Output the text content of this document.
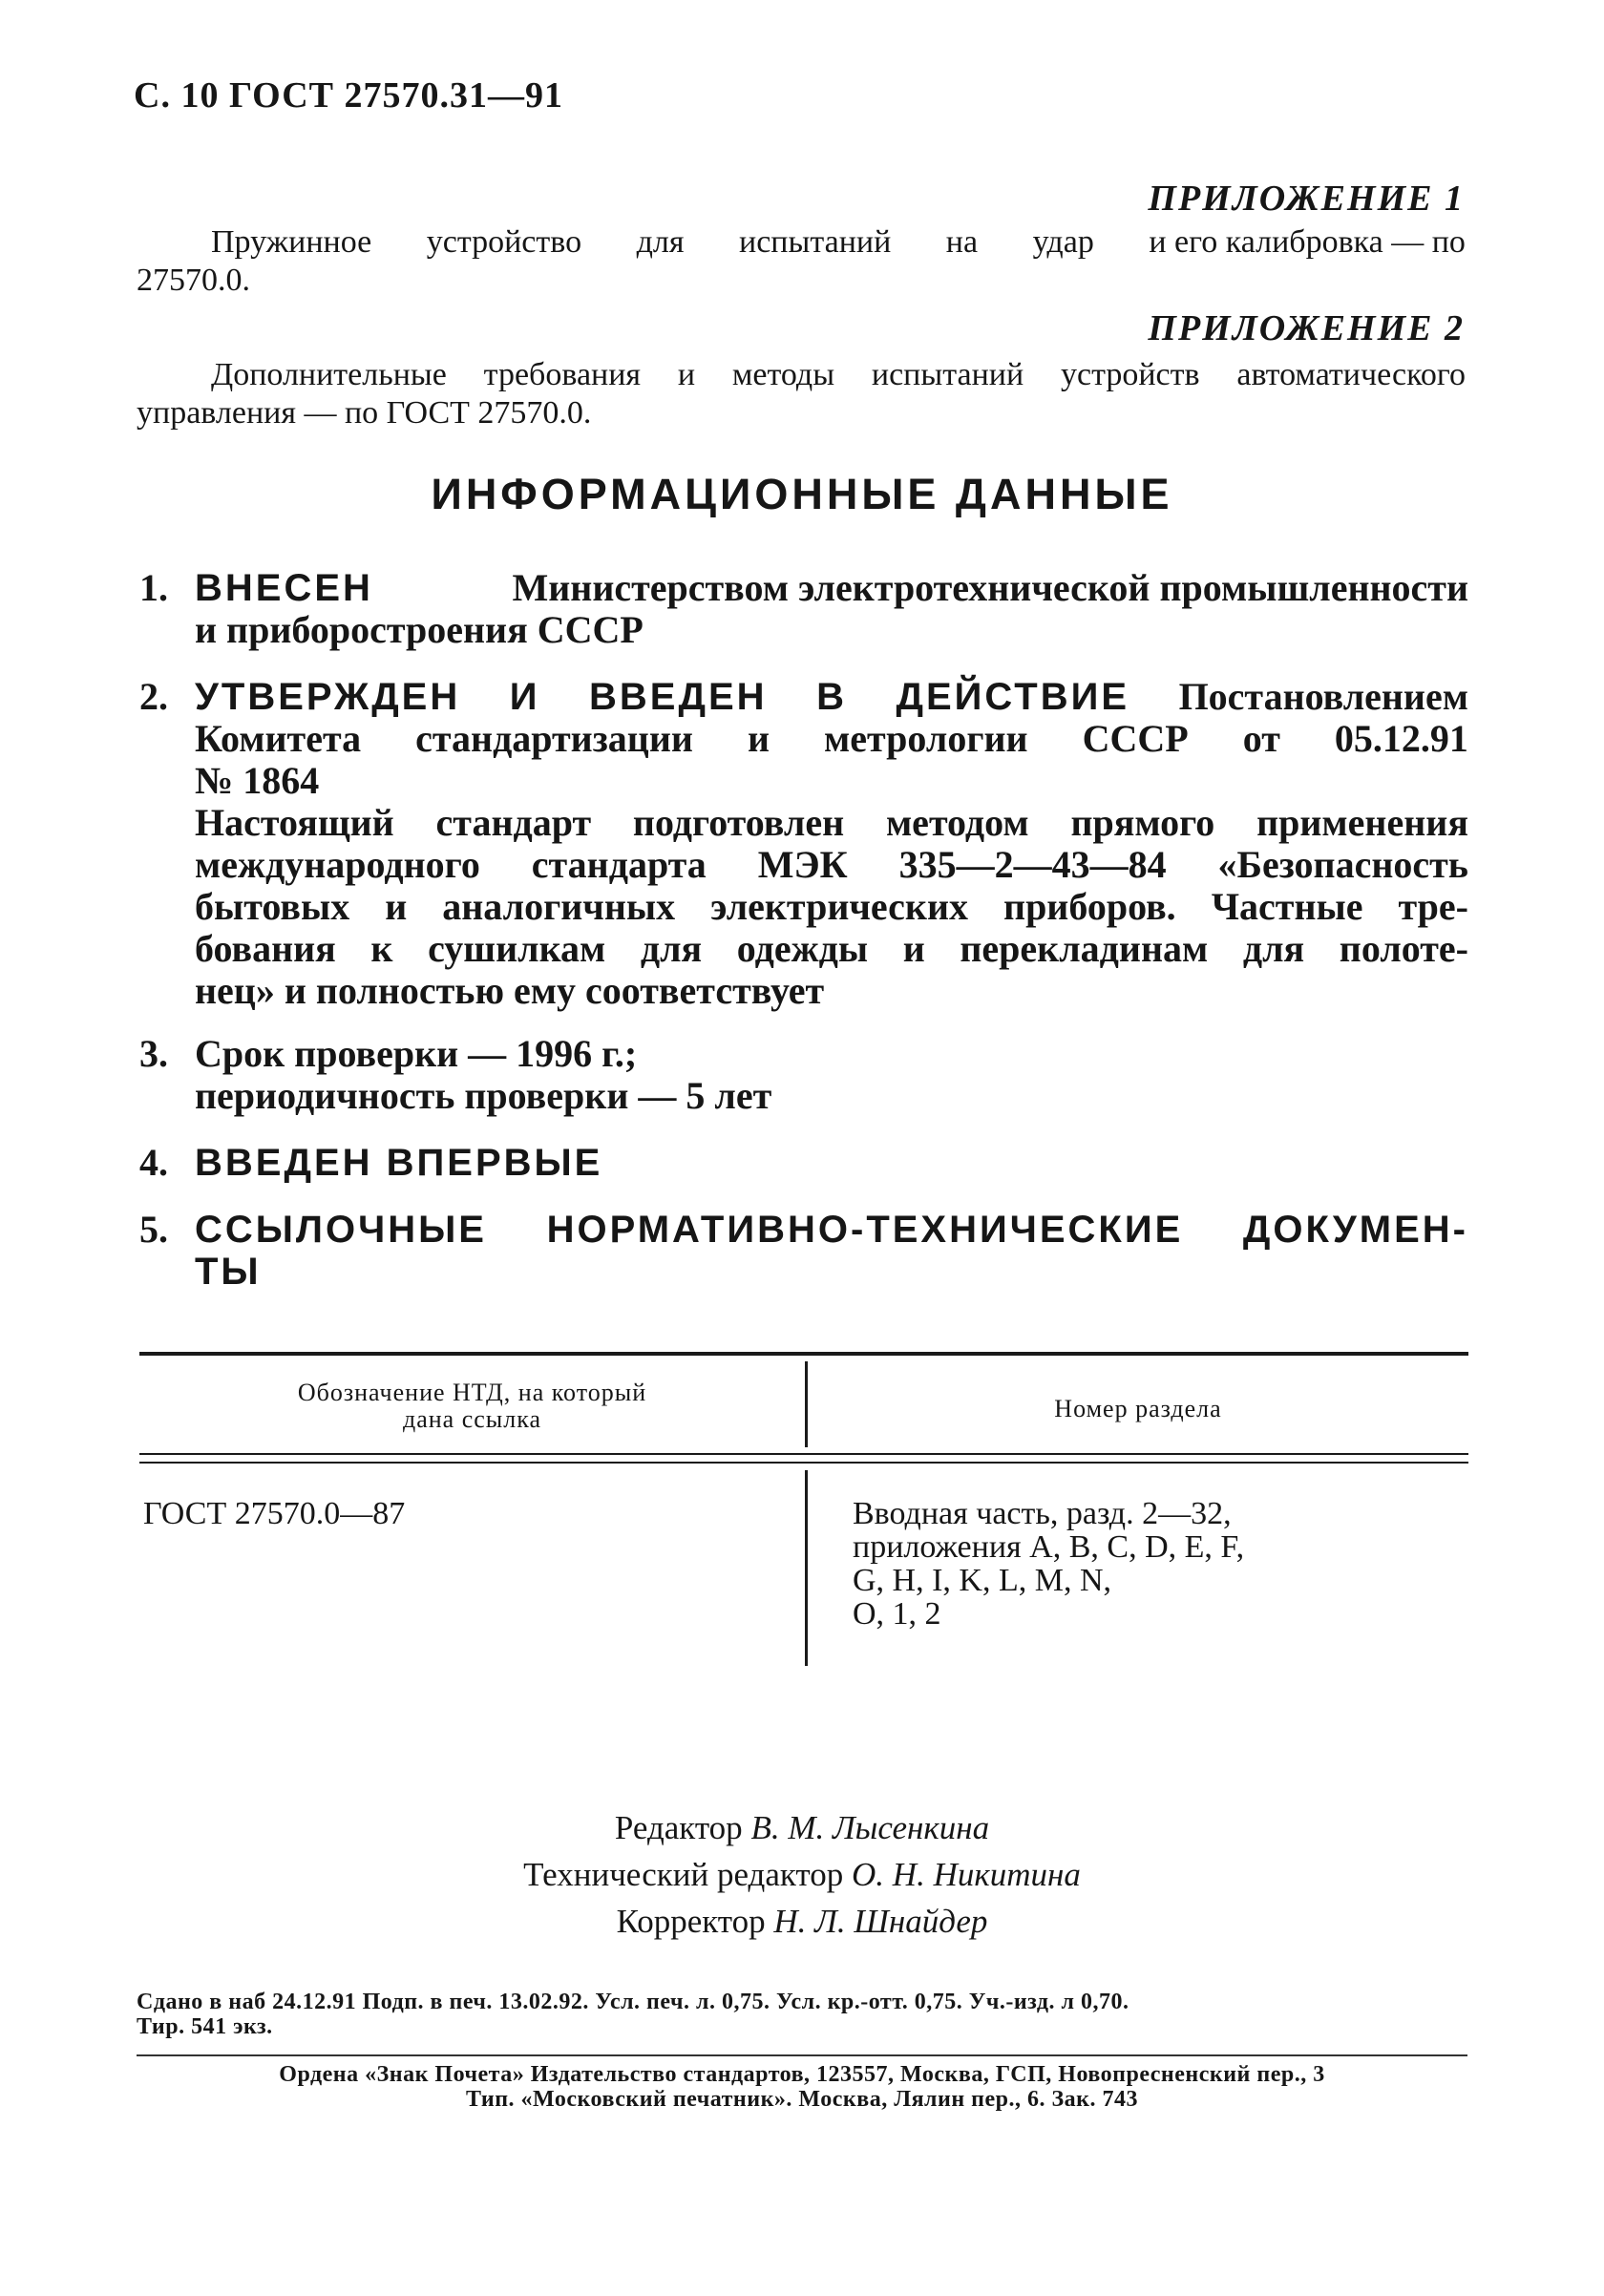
С. 10 ГОСТ 27570.31—91
ПРИЛОЖЕНИЕ 1
Пружинное устройство для испытаний на удар и его калибровка — по
27570.0.
ПРИЛОЖЕНИЕ 2
Дополнительные требования и методы испытаний устройств автоматического
управления — по ГОСТ 27570.0.
ИНФОРМАЦИОННЫЕ ДАННЫЕ
1. ВНЕСЕН	Министерством электротехнической промышленности
и приборостроения СССР
2. УТВЕРЖДЕН И ВВЕДЕН В ДЕЙСТВИЕ Постановлением
Комитета стандартизации и метрологии СССР от 05.12.91
№ 1864
Настоящий стандарт подготовлен методом прямого применения
международного стандарта МЭК 335—2—43—84 «Безопасность
бытовых и аналогичных электрических приборов. Частные тре-
бования к сушилкам для одежды и перекладинам для полоте-
нец» и полностью ему соответствует
3. Срок проверки — 1996 г.;
периодичность проверки — 5 лет
4. ВВЕДЕН ВПЕРВЫЕ
5. ССЫЛОЧНЫЕ НОРМАТИВНО-ТЕХНИЧЕСКИЕ ДОКУМЕН-
ТЫ
Обозначение НТД, на который
дана ссылка	Номер раздела
ГОСТ 27570.0—87	Вводная часть, разд. 2—32,
приложения A, B, C, D, E, F,
G, H, I, K, L, M, N,
O, 1, 2
Редактор В. М. Лысенкина
Технический редактор О. Н. Никитина
Корректор Н. Л. Шнайдер
Сдано в наб 24.12.91 Подп. в печ. 13.02.92. Усл. печ. л. 0,75. Усл. кр.-отт. 0,75. Уч.-изд. л 0,70.
Тир. 541 экз.
Ордена «Знак Почета» Издательство стандартов, 123557, Москва, ГСП, Новопресненский пер., 3
Тип. «Московский печатник». Москва, Лялин пер., 6. Зак. 743
